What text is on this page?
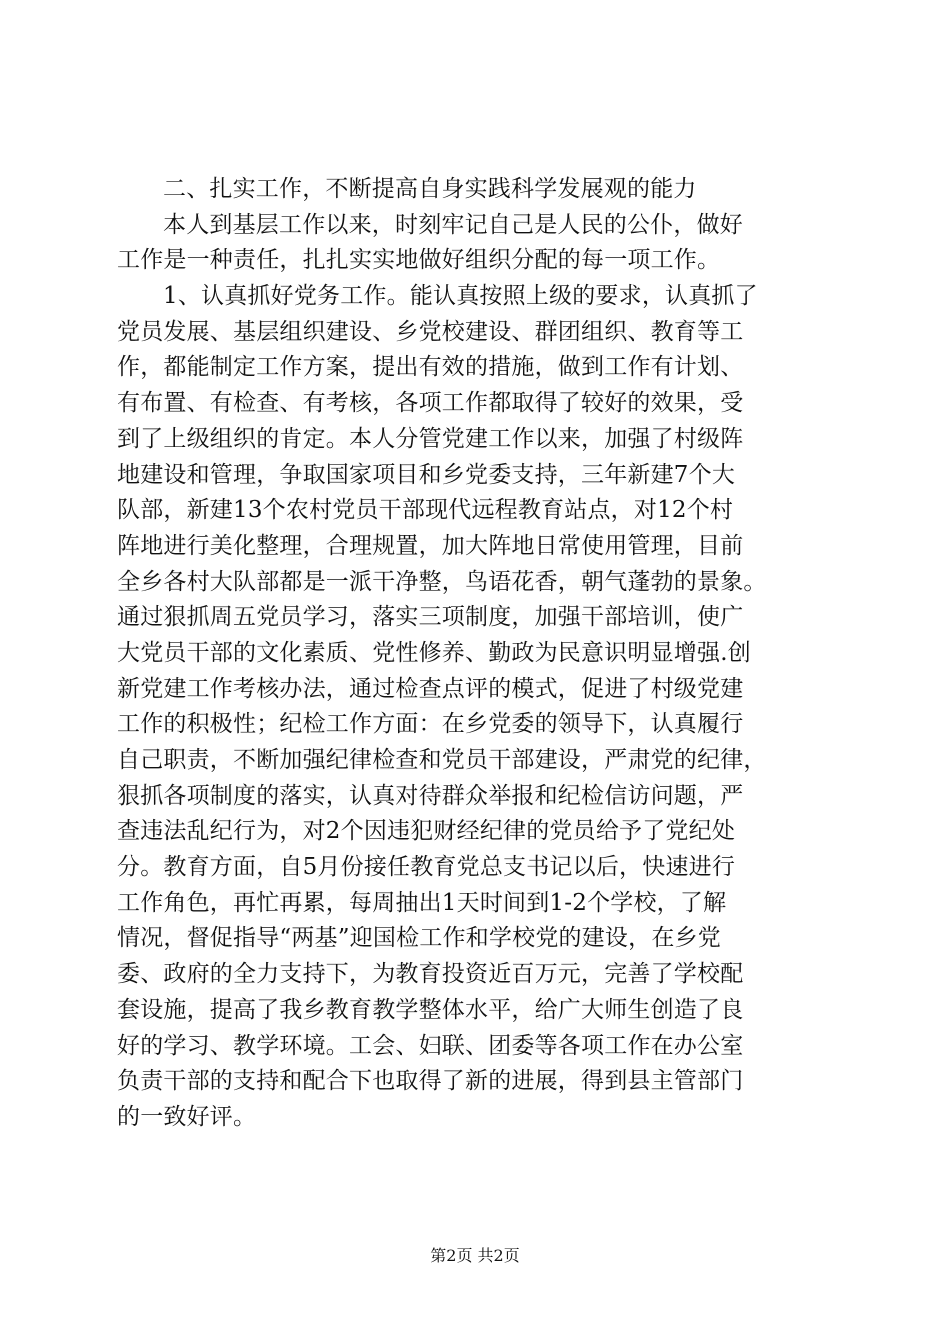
二、扎实工作，不断提高自身实践科学发展观的能力
本人到基层工作以来，时刻牢记自己是人民的公仆，做好
工作是一种责任，扎扎实实地做好组织分配的每一项工作。
1、认真抓好党务工作。能认真按照上级的要求，认真抓了
党员发展、基层组织建设、乡党校建设、群团组织、教育等工
作，都能制定工作方案，提出有效的措施，做到工作有计划、
有布置、有检查、有考核，各项工作都取得了较好的效果，受
到了上级组织的肯定。本人分管党建工作以来，加强了村级阵
地建设和管理，争取国家项目和乡党委支持，三年新建7个大
队部，新建13个农村党员干部现代远程教育站点，对12个村
阵地进行美化整理，合理规置，加大阵地日常使用管理，目前
全乡各村大队部都是一派干净整，鸟语花香，朝气蓬勃的景象。
通过狠抓周五党员学习，落实三项制度，加强干部培训，使广
大党员干部的文化素质、党性修养、勤政为民意识明显增强.创
新党建工作考核办法，通过检查点评的模式，促进了村级党建
工作的积极性；纪检工作方面：在乡党委的领导下，认真履行
自己职责，不断加强纪律检查和党员干部建设，严肃党的纪律，
狠抓各项制度的落实，认真对待群众举报和纪检信访问题，严
查违法乱纪行为，对2个因违犯财经纪律的党员给予了党纪处
分。教育方面，自5月份接任教育党总支书记以后，快速进行
工作角色，再忙再累，每周抽出1天时间到1-2个学校，了解
情况，督促指导“两基”迎国检工作和学校党的建设，在乡党
委、政府的全力支持下，为教育投资近百万元，完善了学校配
套设施，提高了我乡教育教学整体水平，给广大师生创造了良
好的学习、教学环境。工会、妇联、团委等各项工作在办公室
负责干部的支持和配合下也取得了新的进展，得到县主管部门
的一致好评。
第2页 共2页
